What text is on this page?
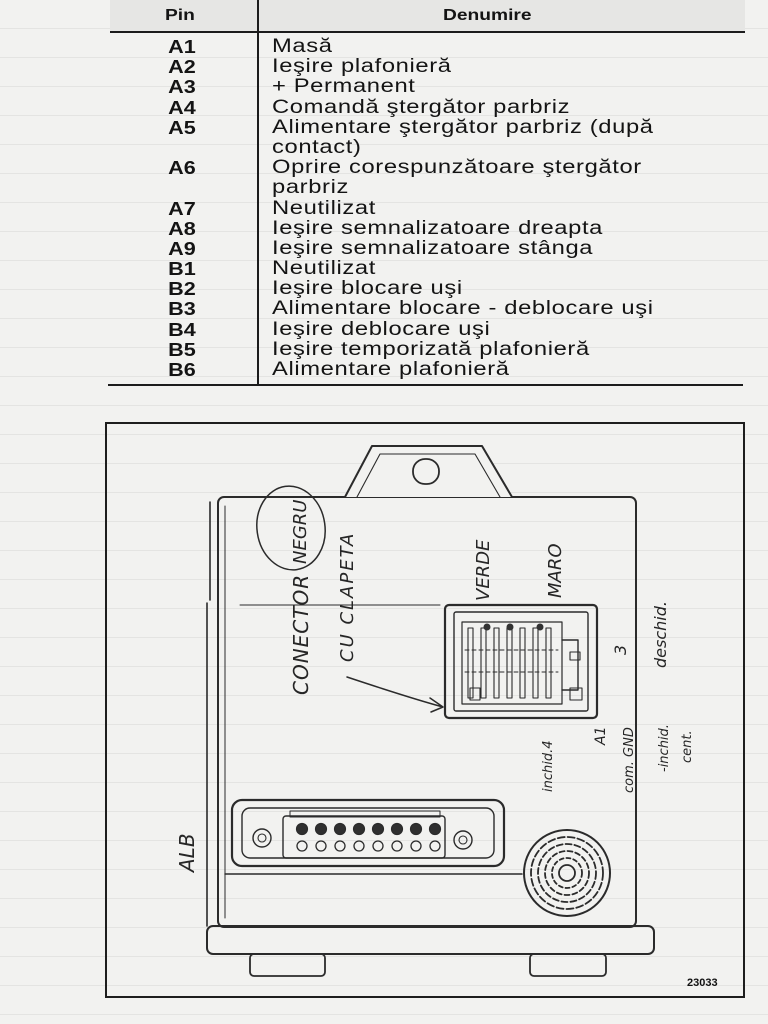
Pin	Denumire
A1	Masă
A2	Ieşire plafonieră
A3	+ Permanent
A4	Comandă ştergător parbriz
A5	Alimentare ştergător parbriz (după
contact)
A6	Oprire corespunzătoare ştergător
parbriz
A7	Neutilizat
A8	Ieşire semnalizatoare dreapta
A9	Ieşire semnalizatoare stânga
B1	Neutilizat
B2	Ieşire blocare uşi
B3	Alimentare blocare - deblocare uşi
B4	Ieşire deblocare uşi
B5	Ieşire temporizată plafonieră
B6	Alimentare plafonieră
CONECTOR
NEGRU CU CLAPETA	VERDE	MARO
3 deschid.
inchid.4
A1 com. GND -inchid. cent.
ALB
23033
